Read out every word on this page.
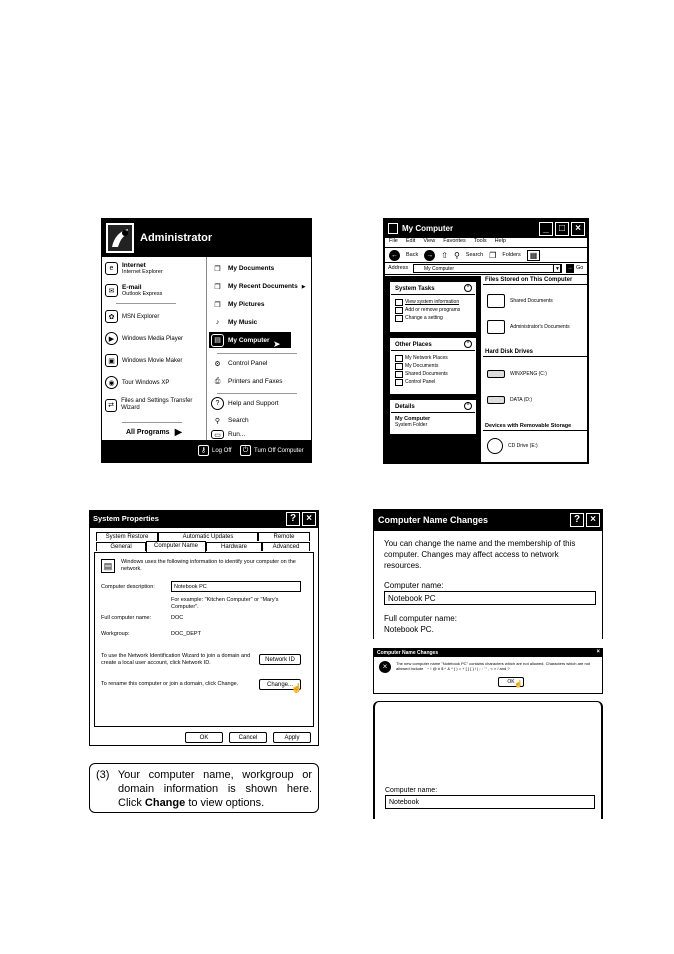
Administrator
e	Internet
Internet Explorer
✉	E-mail
Outlook Express
✿	MSN Explorer
▶	Windows Media Player
▣	Windows Movie Maker
◉	Tour Windows XP
⇄
Files and Settings Transfer Wizard
All Programs ▶
❒	My Documents
❒	My Recent Documents ▶
❒	My Pictures
♪	My Music
▤	My Computer ➤
⚙	Control Panel
⎙	Printers and Faxes
?	Help and Support
⚲	Search
▭	Run...
⚷ Log Off	⏻ Turn Off Computer
My Computer	_	□	×
File Edit View Favorites Tools Help
←	Back → ⇧ ⚲ Search ❐ Folders	▦
Address	My Computer	▼	→ Go
System Tasks	⌃
View system information
Add or remove programs
Change a setting
Other Places	⌃
My Network Places
My Documents
Shared Documents
Control Panel
Details	⌃
My Computer
System Folder
Files Stored on This Computer
Shared Documents
Administrator's Documents
Hard Disk Drives
WINXPENG (C:)
DATA (D:)
Devices with Removable Storage
CD Drive (E:)
System Properties	?	×
System Restore	Automatic Updates	Remote
General	Computer Name	Hardware	Advanced
▤	Windows uses the following information to identify your computer on the network.
Computer description:	Notebook PC
For example: "Kitchen Computer" or "Mary's Computer".
Full computer name:	DOC
Workgroup:	DOC_DEPT
To use the Network Identification Wizard to join a domain and create a local user account, click Network ID.	Network ID
To rename this computer or join a domain, click Change.	Change...
☝
OK	Cancel	Apply

(3) Your computer name, workgroup or domain information is shown here. Click Change to view options.

Computer Name Changes	?	×
You can change the name and the membership of this computer. Changes may affect access to network resources.
Computer name:
Notebook PC
Full computer name:
Notebook PC.
Computer Name Changes	×
×	The new computer name "Notebook PC" contains characters which are not allowed. Characters which are not allowed include ` ~ ! @ # $ ^ & * ( ) = + [ ] { } \ | ; : ' " , < > / and ?
OK ☝
Computer name:
Notebook
